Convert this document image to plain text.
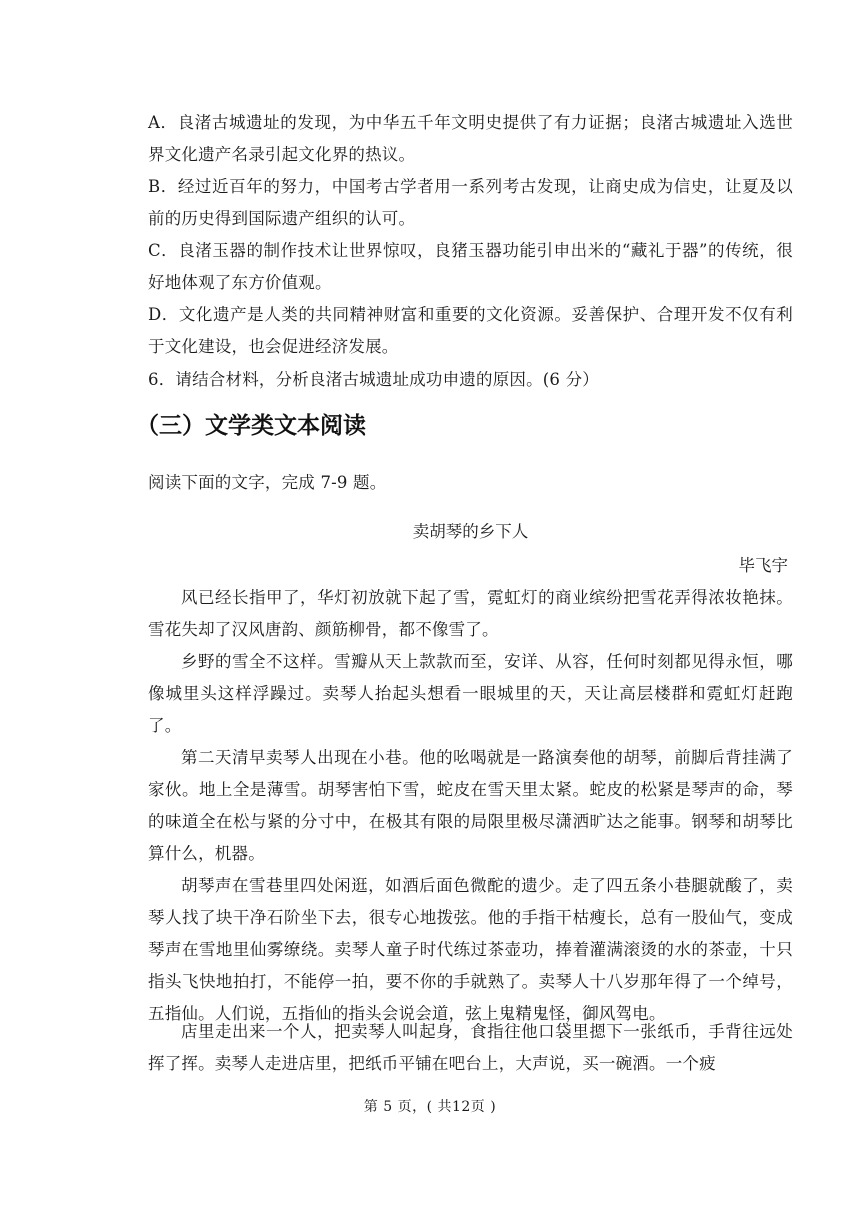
A．良渚古城遗址的发现，为中华五千年文明史提供了有力证据；良渚古城遗址入选世界文化遗产名录引起文化界的热议。
B．经过近百年的努力，中国考古学者用一系列考古发现，让商史成为信史，让夏及以前的历史得到国际遗产组织的认可。
C．良渚玉器的制作技术让世界惊叹，良猪玉器功能引申出米的“藏礼于器”的传统，很好地体观了东方价值观。
D．文化遗产是人类的共同精神财富和重要的文化资源。妥善保护、合理开发不仅有利于文化建设，也会促进经济发展。
6．请结合材料，分析良渚古城遗址成功申遗的原因。(6 分）
（三）文学类文本阅读
阅读下面的文字，完成 7-9 题。
卖胡琴的乡下人
毕飞宇
风已经长指甲了，华灯初放就下起了雪，霓虹灯的商业缤纷把雪花弄得浓妆艳抹。雪花失却了汉风唐韵、颜筋柳骨，都不像雪了。
乡野的雪全不这样。雪瓣从天上款款而至，安详、从容，任何时刻都见得永恒，哪像城里头这样浮躁过。卖琴人抬起头想看一眼城里的天，天让高层楼群和霓虹灯赶跑了。
第二天清早卖琴人出现在小巷。他的吆喝就是一路演奏他的胡琴，前脚后背挂满了家伙。地上全是薄雪。胡琴害怕下雪，蛇皮在雪天里太紧。蛇皮的松紧是琴声的命，琴的味道全在松与紧的分寸中，在极其有限的局限里极尽潇洒旷达之能事。钢琴和胡琴比算什么，机器。
胡琴声在雪巷里四处闲逛，如酒后面色微酡的遗少。走了四五条小巷腿就酸了，卖琴人找了块干净石阶坐下去，很专心地拨弦。他的手指干枯瘦长，总有一股仙气，变成琴声在雪地里仙雾缭绕。卖琴人童子时代练过茶壶功，捧着灌满滚烫的水的茶壶，十只指头飞快地拍打，不能停一拍，要不你的手就熟了。卖琴人十八岁那年得了一个绰号，五指仙。人们说，五指仙的指头会说会道，弦上鬼精鬼怪，御风驾电。
店里走出来一个人，把卖琴人叫起身，食指往他口袋里摁下一张纸币，手背往远处挥了挥。卖琴人走进店里，把纸币平铺在吧台上，大声说，买一碗酒。一个疲
第 5 页，( 共12页 )
